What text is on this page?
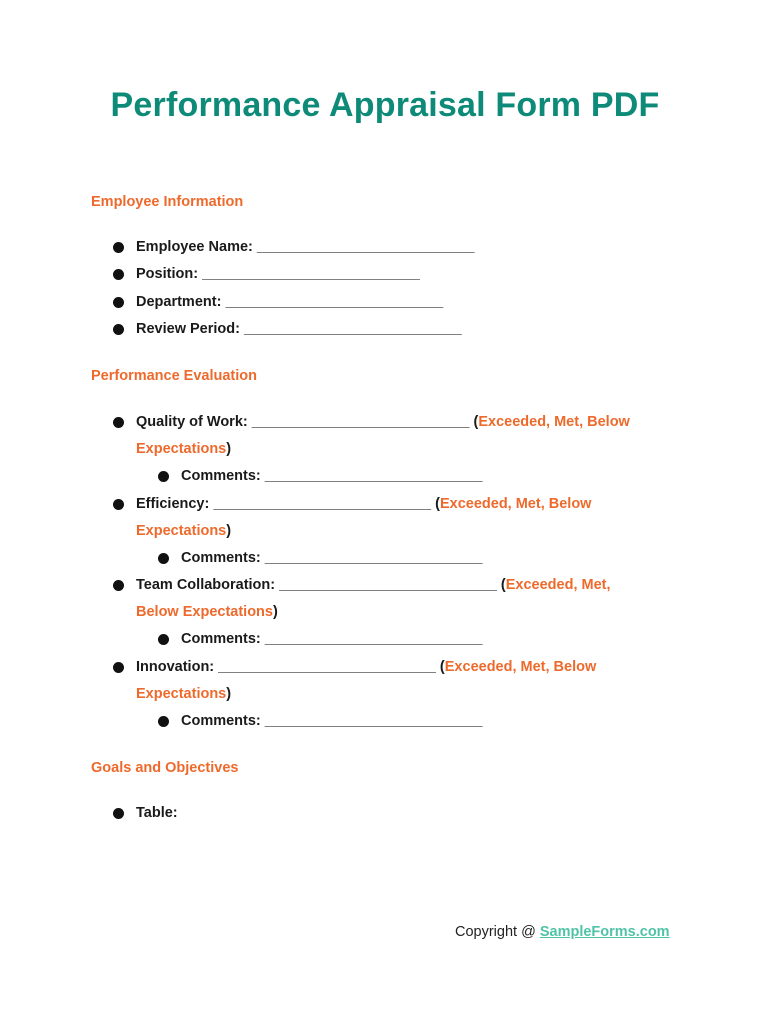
Performance Appraisal Form PDF
Employee Information
Employee Name: ___________________________
Position: ___________________________
Department: ___________________________
Review Period: ___________________________
Performance Evaluation
Quality of Work: ___________________________ (Exceeded, Met, Below
Expectations)
Comments: ___________________________
Efficiency: ___________________________ (Exceeded, Met, Below
Expectations)
Comments: ___________________________
Team Collaboration: ___________________________ (Exceeded, Met,
Below Expectations)
Comments: ___________________________
Innovation: ___________________________ (Exceeded, Met, Below
Expectations)
Comments: ___________________________
Goals and Objectives
Table:
Copyright @ SampleForms.com
